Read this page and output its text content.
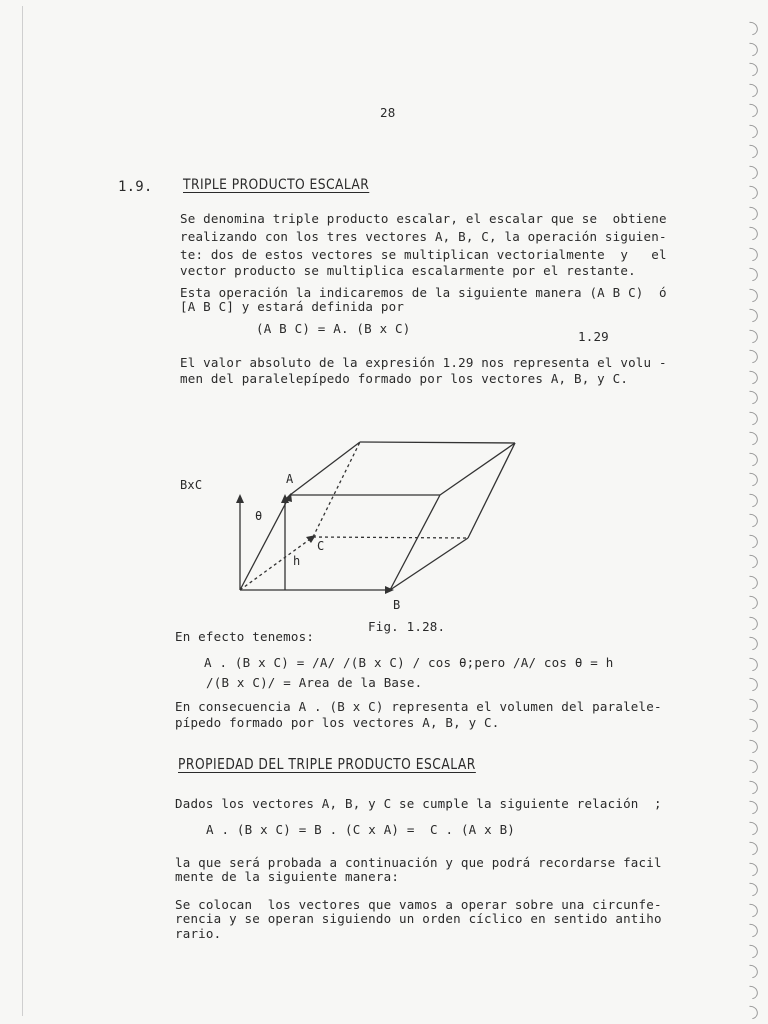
28
1.9. TRIPLE PRODUCTO ESCALAR
Se denomina triple producto escalar, el escalar que se  obtiene
realizando con los tres vectores A, B, C, la operación siguien-
te: dos de estos vectores se multiplican vectorialmente  y   el
vector producto se multiplica escalarmente por el restante.
Esta operación la indicaremos de la siguiente manera (A B C)  ó
[A B C] y estará definida por
(A B C) = A. (B x C)
1.29
El valor absoluto de la expresión 1.29 nos representa el volu -
men del paralelepípedo formado por los vectores A, B, y C.
BxC	A
θ
C
h
B
Fig. 1.28.
En efecto tenemos:
A . (B x C) = /A/ /(B x C) / cos θ;pero /A/ cos θ = h
/(B x C)/ = Area de la Base.
En consecuencia A . (B x C) representa el volumen del paralele-
pípedo formado por los vectores A, B, y C.
PROPIEDAD DEL TRIPLE PRODUCTO ESCALAR
Dados los vectores A, B, y C se cumple la siguiente relación  ;
A . (B x C) = B . (C x A) =  C . (A x B)
la que será probada a continuación y que podrá recordarse facil
mente de la siguiente manera:
Se colocan  los vectores que vamos a operar sobre una circunfe-
rencia y se operan siguiendo un orden cíclico en sentido antiho
rario.
